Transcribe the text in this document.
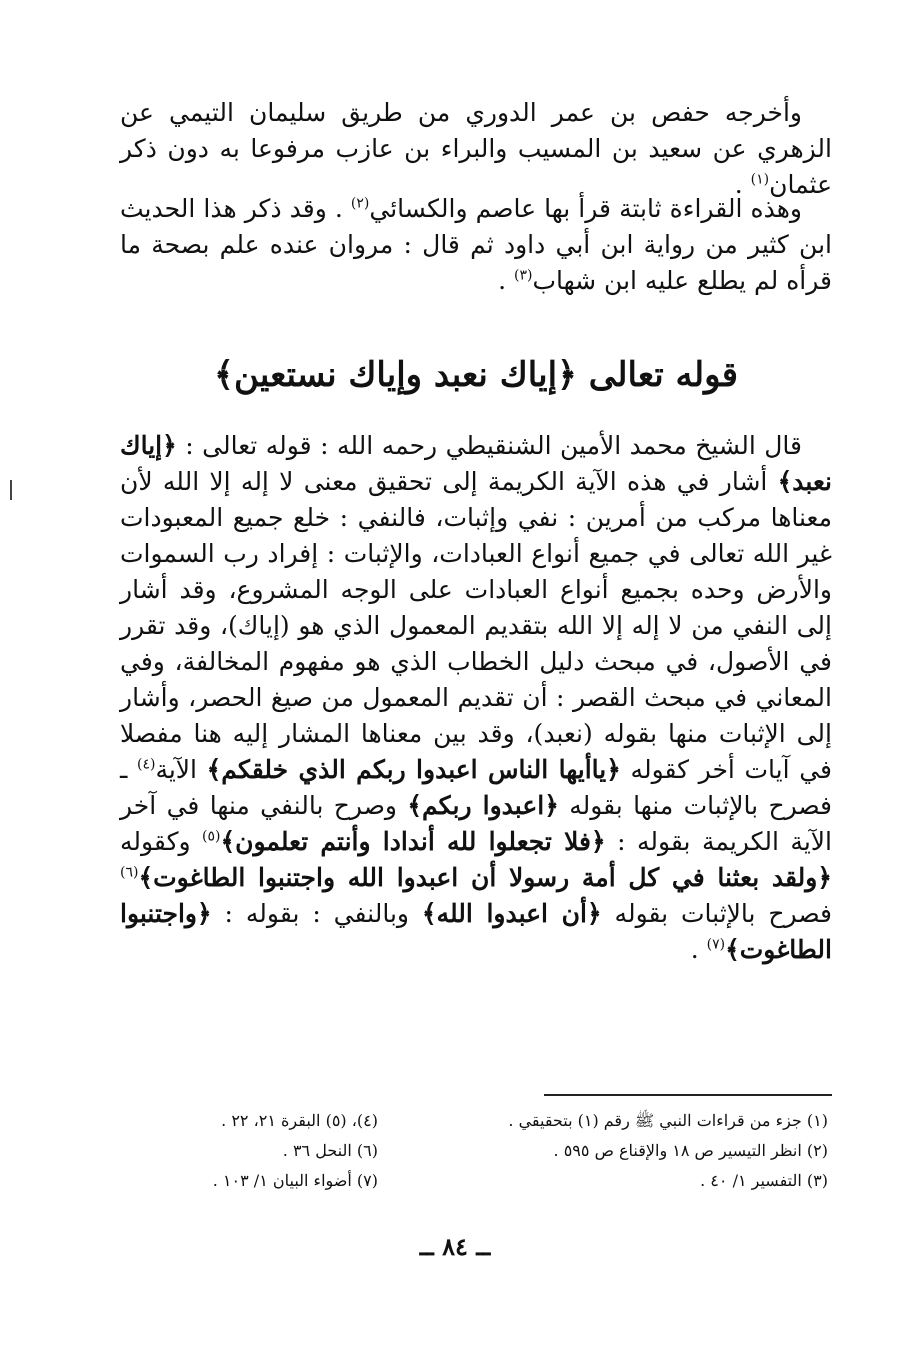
وأخرجه حفص بن عمر الدوري من طريق سليمان التيمي عن الزهري عن سعيد بن المسيب والبراء بن عازب مرفوعا به دون ذكر عثمان$^{(١)}$ .
وهذه القراءة ثابتة قرأ بها عاصم والكسائي$^{(٢)}$ . وقد ذكر هذا الحديث ابن كثير من رواية ابن أبي داود ثم قال : مروان عنده علم بصحة ما قرأه لم يطلع عليه ابن شهاب$^{(٣)}$ .
قوله تعالى ﴿إياك نعبد وإياك نستعين﴾
قال الشيخ محمد الأمين الشنقيطي رحمه الله : قوله تعالى : ﴿إياك نعبد﴾ أشار في هذه الآية الكريمة إلى تحقيق معنى لا إله إلا الله لأن معناها مركب من أمرين : نفي وإثبات، فالنفي : خلع جميع المعبودات غير الله تعالى في جميع أنواع العبادات، والإثبات : إفراد رب السموات والأرض وحده بجميع أنواع العبادات على الوجه المشروع، وقد أشار إلى النفي من لا إله إلا الله بتقديم المعمول الذي هو (إياك)، وقد تقرر في الأصول، في مبحث دليل الخطاب الذي هو مفهوم المخالفة، وفي المعاني في مبحث القصر : أن تقديم المعمول من صيغ الحصر، وأشار إلى الإثبات منها بقوله (نعبد)، وقد بين معناها المشار إليه هنا مفصلا في آيات أخر كقوله ﴿ياأيها الناس اعبدوا ربكم الذي خلقكم﴾ الآية$^{(٤)}$ ـ فصرح بالإثبات منها بقوله ﴿اعبدوا ربكم﴾ وصرح بالنفي منها في آخر الآية الكريمة بقوله : ﴿فلا تجعلوا لله أندادا وأنتم تعلمون﴾$^{(٥)}$ وكقوله ﴿ولقد بعثنا في كل أمة رسولا أن اعبدوا الله واجتنبوا الطاغوت﴾$^{(٦)}$ فصرح بالإثبات بقوله ﴿أن اعبدوا الله﴾ وبالنفي : بقوله : ﴿واجتنبوا الطاغوت﴾$^{(٧)}$ .
(١) جزء من قراءات النبي ﷺ رقم (١) بتحقيقي .
(٢) انظر التيسير ص ١٨ والإقناع ص ٥٩٥ .
(٣) التفسير ١/ ٤٠ .
(٤)، (٥) البقرة ٢١، ٢٢ .
(٦) النحل ٣٦ .
(٧) أضواء البيان ١/ ١٠٣ .
ــ ٨٤ ــ
